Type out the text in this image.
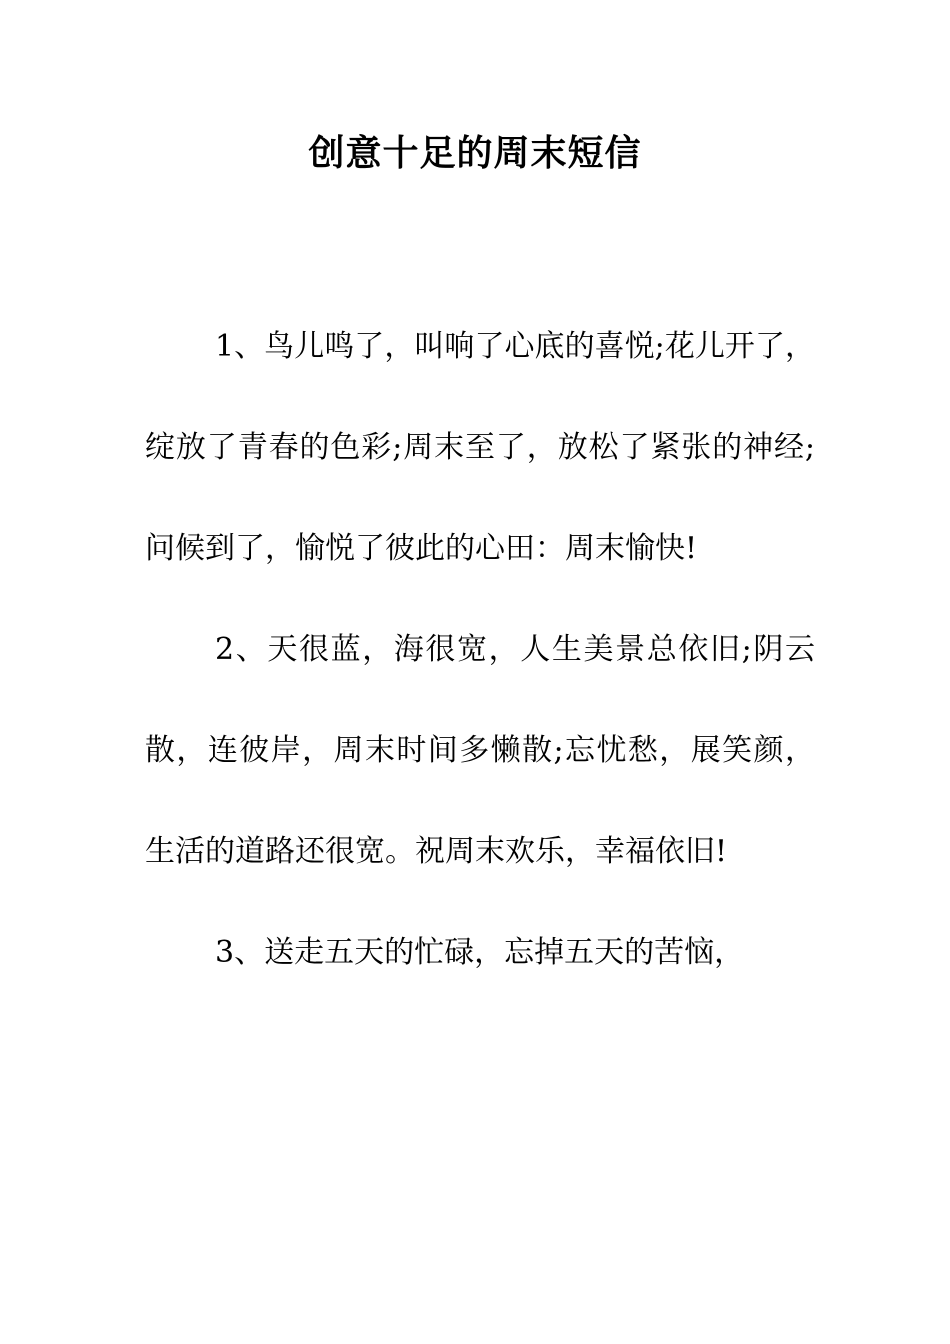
创意十足的周末短信

1、鸟儿鸣了，叫响了心底的喜悦;花儿开了，绽放了青春的色彩;周末至了，放松了紧张的神经;问候到了，愉悦了彼此的心田：周末愉快!

2、天很蓝，海很宽，人生美景总依旧;阴云散，连彼岸，周末时间多懒散;忘忧愁，展笑颜，生活的道路还很宽。祝周末欢乐，幸福依旧!

3、送走五天的忙碌，忘掉五天的苦恼，
